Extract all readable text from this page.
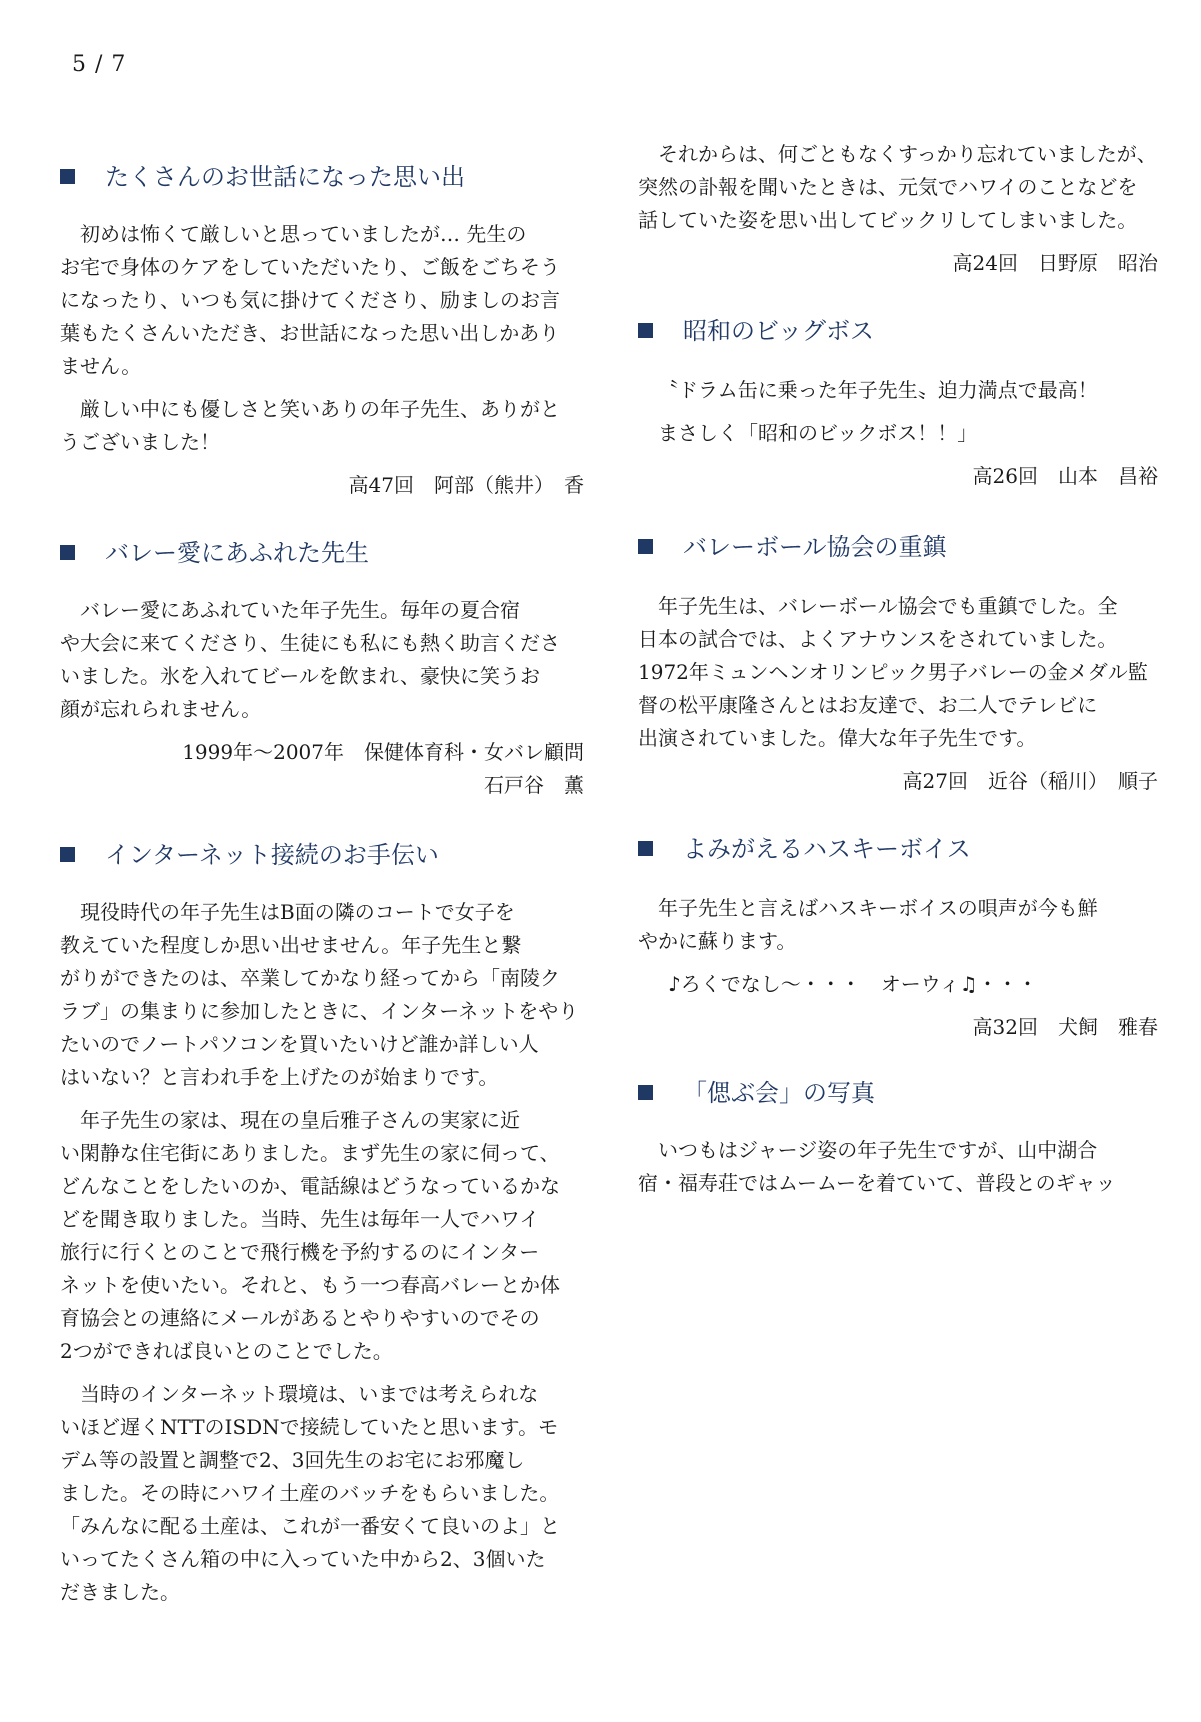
5 / 7
たくさんのお世話になった思い出

　初めは怖くて厳しいと思っていましたが… 先生の
お宅で身体のケアをしていただいたり、ご飯をごちそう
になったり、いつも気に掛けてくださり、励ましのお言
葉もたくさんいただき、お世話になった思い出しかあり
ません。

　厳しい中にも優しさと笑いありの年子先生、ありがと
うございました！

高47回　阿部（熊井）　香
バレー愛にあふれた先生

　バレー愛にあふれていた年子先生。毎年の夏合宿
や大会に来てくださり、生徒にも私にも熱く助言くださ
いました。氷を入れてビールを飲まれ、豪快に笑うお
顔が忘れられません。

1999年～2007年　保健体育科・女バレ顧問
石戸谷　薫
インターネット接続のお手伝い

　現役時代の年子先生はB面の隣のコートで女子を
教えていた程度しか思い出せません。年子先生と繋
がりができたのは、卒業してかなり経ってから「南陵ク
ラブ」の集まりに参加したときに、インターネットをやり
たいのでノートパソコンを買いたいけど誰か詳しい人
はいない？と言われ手を上げたのが始まりです。

　年子先生の家は、現在の皇后雅子さんの実家に近
い閑静な住宅街にありました。まず先生の家に伺って、
どんなことをしたいのか、電話線はどうなっているかな
どを聞き取りました。当時、先生は毎年一人でハワイ
旅行に行くとのことで飛行機を予約するのにインター
ネットを使いたい。それと、もう一つ春高バレーとか体
育協会との連絡にメールがあるとやりやすいのでその
2つができれば良いとのことでした。

　当時のインターネット環境は、いまでは考えられな
いほど遅くNTTのISDNで接続していたと思います。モ
デム等の設置と調整で2、3回先生のお宅にお邪魔し
ました。その時にハワイ土産のバッチをもらいました。
「みんなに配る土産は、これが一番安くて良いのよ」と
いってたくさん箱の中に入っていた中から2、3個いた
だきました。

　それからは、何ごともなくすっかり忘れていましたが、
突然の訃報を聞いたときは、元気でハワイのことなどを
話していた姿を思い出してビックリしてしまいました。

高24回　日野原　昭治
昭和のビッグボス
〝ドラム缶に乗った年子先生〟迫力満点で最高！
まさしく「昭和のビックボス！！」
高26回　山本　昌裕
バレーボール協会の重鎮

　年子先生は、バレーボール協会でも重鎮でした。全
日本の試合では、よくアナウンスをされていました。
1972年ミュンヘンオリンピック男子バレーの金メダル監
督の松平康隆さんとはお友達で、お二人でテレビに
出演されていました。偉大な年子先生です。

高27回　近谷（稲川）　順子
よみがえるハスキーボイス

　年子先生と言えばハスキーボイスの唄声が今も鮮
やかに蘇ります。

♪ろくでなし～・・・　オーウィ♫・・・
高32回　犬飼　雅春
「偲ぶ会」の写真

　いつもはジャージ姿の年子先生ですが、山中湖合
宿・福寿荘ではムームーを着ていて、普段とのギャッ
